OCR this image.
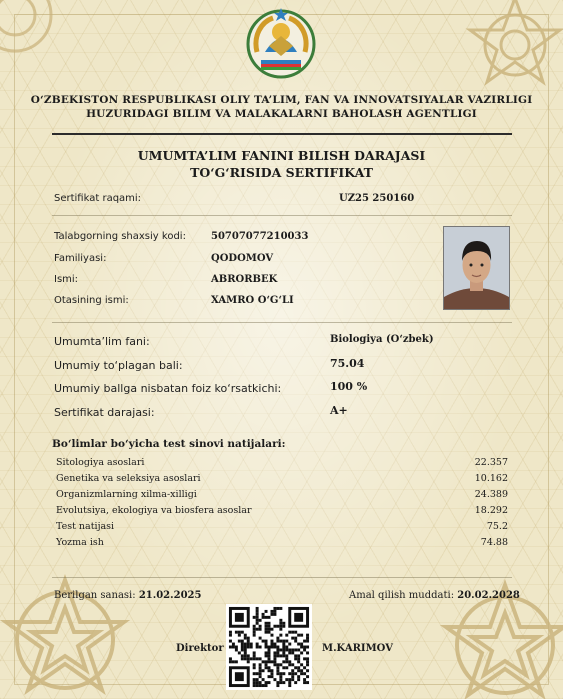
O‘ZBEKISTON RESPUBLIKASI OLIY TA’LIM, FAN VA INNOVATSIYALAR VAZIRLIGI
HUZURIDAGI BILIM VA MALAKALARNI BAHOLASH AGENTLIGI
UMUMTA’LIM FANINI BILISH DARAJASI
TO‘G‘RISIDA SERTIFIKAT
Sertifikat raqami:	UZ25 250160
Talabgorning shaxsiy kodi:	50707077210033
Familiyasi:	QODOMOV
Ismi:	ABRORBEK
Otasining ismi:	XAMRO O‘G‘LI
Umumta’lim fani:	Biologiya (O‘zbek)
Umumiy to‘plagan bali:	75.04
Umumiy ballga nisbatan foiz ko‘rsatkichi:	100 %
Sertifikat darajasi:	A+
Bo‘limlar bo‘yicha test sinovi natijalari:
Sitologiya asoslari	22.357
Genetika va seleksiya asoslari	10.162
Organizmlarning xilma-xilligi	24.389
Evolutsiya, ekologiya va biosfera asoslar	18.292
Test natijasi	75.2
Yozma ish	74.88
Berilgan sanasi: 21.02.2025	Amal qilish muddati: 20.02.2028
Direktor	M.KARIMOV
